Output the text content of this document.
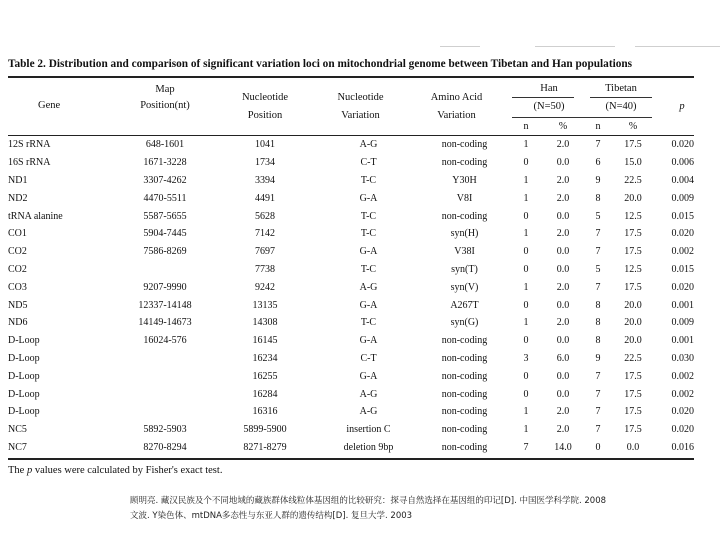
Table 2. Distribution and comparison of significant variation loci on mitochondrial genome between Tibetan and Han populations
Gene
Map
Position(nt)
Nucleotide
Position
Nucleotide
Variation
Amino Acid
Variation
Han
(N=50)
Tibetan
(N=40)	p
n	%	n	%
12S rRNA	648-1601	1041	A-G	non-coding	1	2.0	7	17.5	0.020
16S rRNA	1671-3228	1734	C-T	non-coding	0	0.0	6	15.0	0.006
ND1	3307-4262	3394	T-C	Y30H	1	2.0	9	22.5	0.004
ND2	4470-5511	4491	G-A	V8I	1	2.0	8	20.0	0.009
tRNA alanine	5587-5655	5628	T-C	non-coding	0	0.0	5	12.5	0.015
CO1	5904-7445	7142	T-C	syn(H)	1	2.0	7	17.5	0.020
CO2	7586-8269	7697	G-A	V38I	0	0.0	7	17.5	0.002
CO2		7738	T-C	syn(T)	0	0.0	5	12.5	0.015
CO3	9207-9990	9242	A-G	syn(V)	1	2.0	7	17.5	0.020
ND5	12337-14148	13135	G-A	A267T	0	0.0	8	20.0	0.001
ND6	14149-14673	14308	T-C	syn(G)	1	2.0	8	20.0	0.009
D-Loop	16024-576	16145	G-A	non-coding	0	0.0	8	20.0	0.001
D-Loop		16234	C-T	non-coding	3	6.0	9	22.5	0.030
D-Loop		16255	G-A	non-coding	0	0.0	7	17.5	0.002
D-Loop		16284	A-G	non-coding	0	0.0	7	17.5	0.002
D-Loop		16316	A-G	non-coding	1	2.0	7	17.5	0.020
NC5	5892-5903	5899-5900	insertion C	non-coding	1	2.0	7	17.5	0.020
NC7	8270-8294	8271-8279	deletion 9bp	non-coding	7	14.0	0	0.0	0.016
The p values were calculated by Fisher's exact test.
顾明亮. 藏汉民族及个不同地域的藏族群体线粒体基因组的比较研究：探寻自然选择在基因组的印记[D]. 中国医学科学院. 2008
文波. Y染色体、mtDNA多态性与东亚人群的遗传结构[D]. 复旦大学. 2003
